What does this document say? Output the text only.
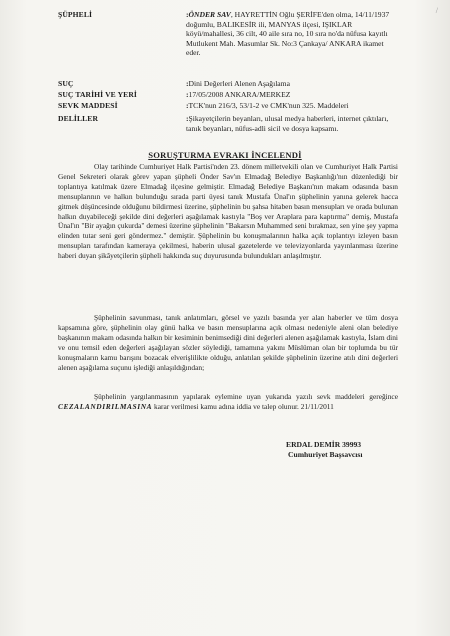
/
ŞÜPHELİ	:ÖNDER SAV, HAYRETTİN Oğlu ŞERİFE'den olma, 14/11/1937 doğumlu, BALIKESİR ili, MANYAS ilçesi, IŞIKLAR köyü/mahallesi, 36 cilt, 40 aile sıra no, 10 sıra no'da nüfusa kayıtlı Mutlukent Mah. Masumlar Sk. No:3 Çankaya/ ANKARA ikamet eder.
SUÇ	:Dini Değerleri Alenen Aşağılama
SUÇ TARİHİ VE YERİ	:17/05/2008 ANKARA/MERKEZ
SEVK MADDESİ	:TCK'nun 216/3, 53/1-2 ve CMK'nun 325. Maddeleri
DELİLLER	:Şikayetçilerin beyanları, ulusal medya haberleri, internet çıktıları, tanık beyanları, nüfus-adli sicil ve dosya kapsamı.
SORUŞTURMA EVRAKI İNCELENDİ

Olay tarihinde Cumhuriyet Halk Partisi'nden 23. dönem milletvekili olan ve Cumhuriyet Halk Partisi Genel Sekreteri olarak görev yapan şüpheli Önder Sav'ın Elmadağ Belediye Başkanlığı'nın düzenlediği bir toplantıya katılmak üzere Elmadağ ilçesine gelmiştir. Elmadağ Belediye Başkanı'nın makam odasında basın mensuplarının ve halkın bulunduğu sırada parti üyesi tanık Mustafa Ünal'ın şüphelinin yanına gelerek hacca gitmek düşüncesinde olduğunu bildirmesi üzerine, şüphelinin bu şahsa hitaben basın mensupları ve orada bulunan halkın duyabileceği şekilde dini değerleri aşağılamak kastıyla "Boş ver Araplara para kaptırma" demiş, Mustafa Ünal'ın "Bir ayağın çukurda" demesi üzerine şüphelinin "Bakarsın Muhammed seni bırakmaz, sen yine şey yapma elinden tutar seni geri göndermez." demiştir. Şüphelinin bu konuşmalarının halka açık toplantıyı izleyen basın mensupları tarafından kameraya çekilmesi, haberin ulusal gazetelerde ve televizyonlarda yayınlanması üzerine haberi duyan şikâyetçilerin şüpheli hakkında suç duyurusunda bulundukları anlaşılmıştır.

Şüphelinin savunması, tanık anlatımları, görsel ve yazılı basında yer alan haberler ve tüm dosya kapsamına göre, şüphelinin olay günü halka ve basın mensuplarına açık olması nedeniyle aleni olan belediye başkanının makam odasında halkın bir kesiminin benimsediği dini değerleri alenen aşağılamak kastıyla, İslam dini ve onu temsil eden değerleri aşağılayan sözler söylediği, tamamına yakını Müslüman olan bir toplumda bu tür konuşmaların kamu barışını bozacak elverişlilikte olduğu, anlatılan şekilde şüphelinin üzerine atılı dini değerleri alenen aşağılama suçunu işlediği anlaşıldığından;

Şüphelinin yargılanmasının yapılarak eylemine uyan yukarıda yazılı sevk maddeleri gereğince CEZALANDIRILMASINA karar verilmesi kamu adına iddia ve talep olunur. 21/11/2011

ERDAL DEMİR 39993
Cumhuriyet Başsavcısı
